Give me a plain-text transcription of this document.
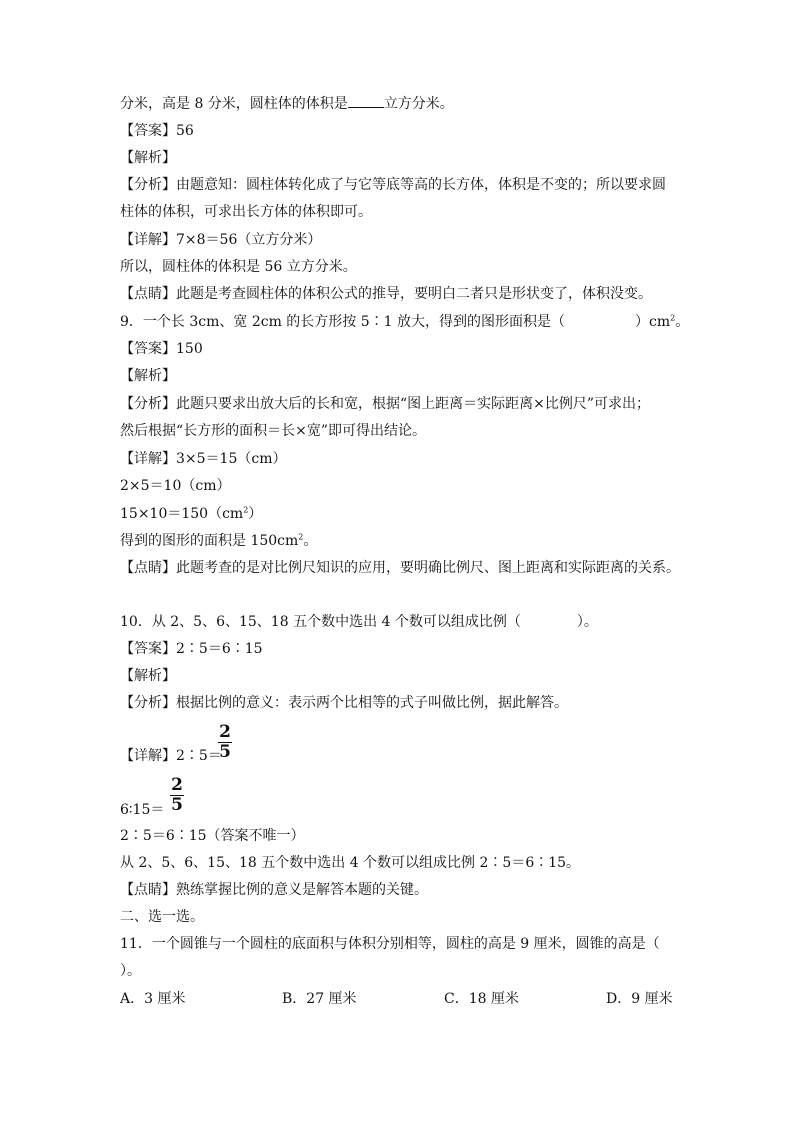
分米，高是 8 分米，圆柱体的体积是	立方分米。
【答案】56
【解析】
【分析】由题意知：圆柱体转化成了与它等底等高的长方体，体积是不变的；所以要求圆
柱体的体积，可求出长方体的体积即可。
【详解】7×8＝56（立方分米）
所以，圆柱体的体积是 56 立方分米。
【点睛】此题是考查圆柱体的体积公式的推导，要明白二者只是形状变了，体积没变。
9．一个长 3cm、宽 2cm 的长方形按 5∶1 放大，得到的图形面积是（　　　　　）$cm^2$。
【答案】150
【解析】
【分析】此题只要求出放大后的长和宽，根据“图上距离＝实际距离×比例尺”可求出；
然后根据“长方形的面积＝长×宽”即可得出结论。
【详解】3×5＝15（cm）
2×5＝10（cm）
$15\times 10=150(cm^2)$
得到的图形的面积是 $150cm^2$。
【点睛】此题考查的是对比例尺知识的应用，要明确比例尺、图上距离和实际距离的关系。
10．从 2、5、6、15、18 五个数中选出 4 个数可以组成比例（　　　　）。
【答案】2∶5＝6∶15
【解析】
【分析】根据比例的意义：表示两个比相等的式子叫做比例，据此解答。
【详解】2∶5＝
2
5
6∶15＝
2
5
2∶5＝6∶15（答案不唯一）
从 2、5、6、15、18 五个数中选出 4 个数可以组成比例 2∶5＝6∶15。
【点睛】熟练掌握比例的意义是解答本题的关键。
二、选一选。
11．一个圆锥与一个圆柱的底面积与体积分别相等，圆柱的高是 9 厘米，圆锥的高是（
）。
A．3 厘米	B．27 厘米	C．18 厘米	D．9 厘米
